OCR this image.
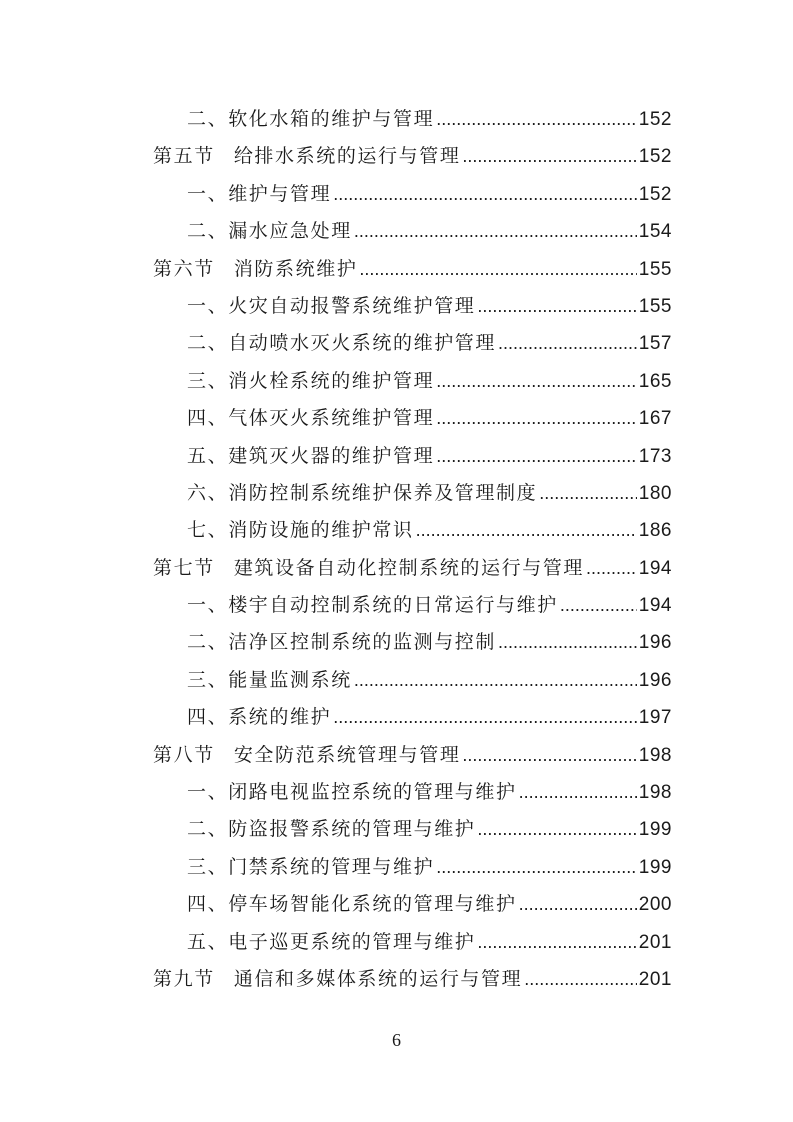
二、软化水箱的维护与管理 .....	152
第五节 给排水系统的运行与管理 .....	152
一、维护与管理 .....	152
二、漏水应急处理 .....	154
第六节 消防系统维护 .....	155
一、火灾自动报警系统维护管理 .....	155
二、自动喷水灭火系统的维护管理 .....	157
三、消火栓系统的维护管理 .....	165
四、气体灭火系统维护管理 .....	167
五、建筑灭火器的维护管理 .....	173
六、消防控制系统维护保养及管理制度 .....	180
七、消防设施的维护常识 .....	186
第七节 建筑设备自动化控制系统的运行与管理 .....	194
一、楼宇自动控制系统的日常运行与维护 .....	194
二、洁净区控制系统的监测与控制 .....	196
三、能量监测系统 .....	196
四、系统的维护 .....	197
第八节 安全防范系统管理与管理 .....	198
一、闭路电视监控系统的管理与维护 .....	198
二、防盗报警系统的管理与维护 .....	199
三、门禁系统的管理与维护 .....	199
四、停车场智能化系统的管理与维护 .....	200
五、电子巡更系统的管理与维护 .....	201
第九节 通信和多媒体系统的运行与管理 .....	201
6
